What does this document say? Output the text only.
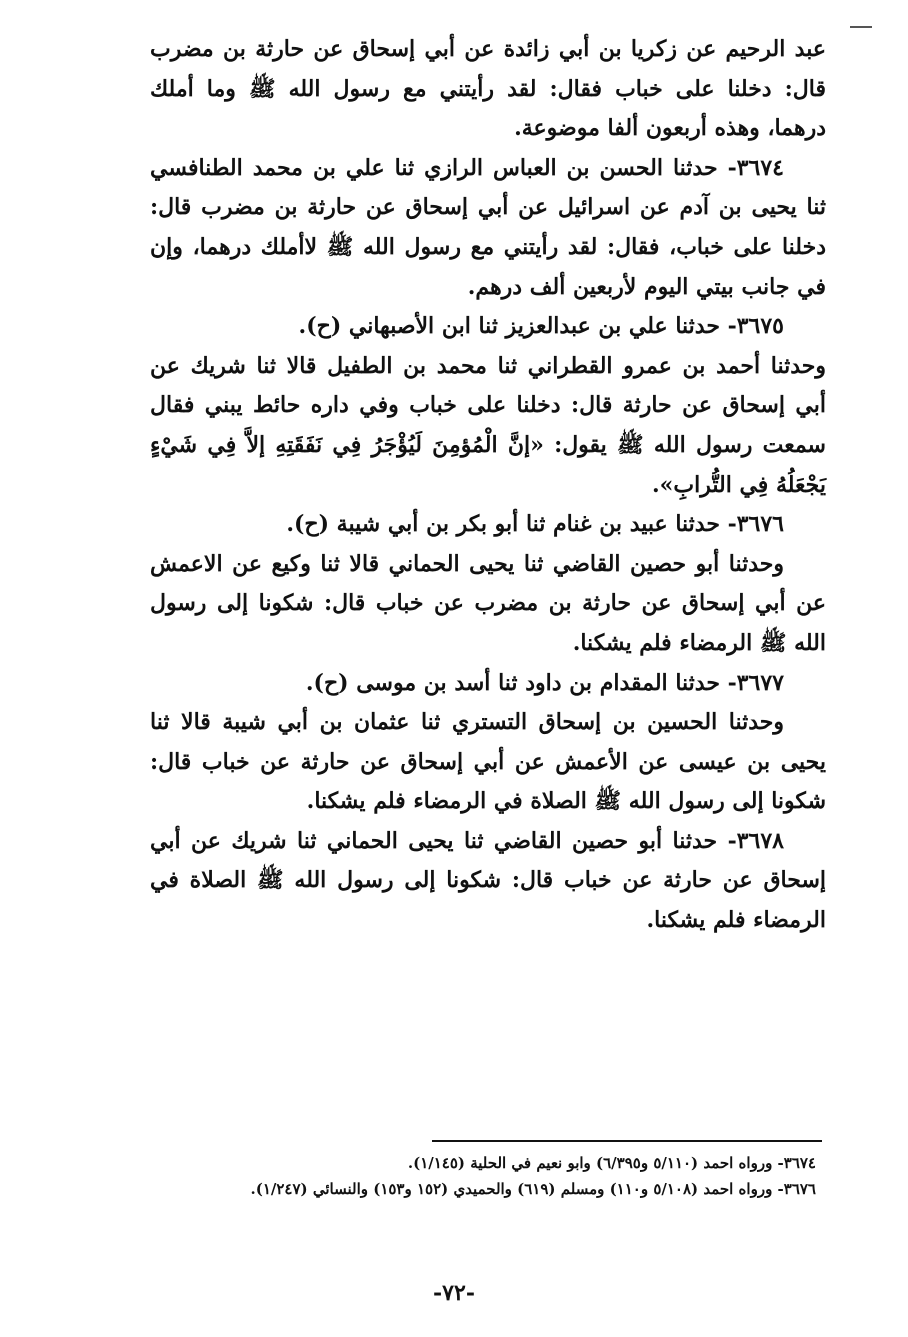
عبد الرحيم عن زكريا بن أبي زائدة عن أبي إسحاق عن حارثة بن مضرب قال: دخلنا على خباب فقال: لقد رأيتني مع رسول الله ﷺ وما أملك درهما، وهذه أربعون ألفا موضوعة.

٣٦٧٤- حدثنا الحسن بن العباس الرازي ثنا علي بن محمد الطنافسي ثنا يحيى بن آدم عن اسرائيل عن أبي إسحاق عن حارثة بن مضرب قال: دخلنا على خباب، فقال: لقد رأيتني مع رسول الله ﷺ لاأملك درهما، وإن في جانب بيتي اليوم لأربعين ألف درهم.

٣٦٧٥- حدثنا علي بن عبدالعزيز ثنا ابن الأصبهاني (ح).

وحدثنا أحمد بن عمرو القطراني ثنا محمد بن الطفيل قالا ثنا شريك عن أبي إسحاق عن حارثة قال: دخلنا على خباب وفي داره حائط يبني فقال سمعت رسول الله ﷺ يقول: «إنَّ الْمُؤمِنَ لَيُؤْجَرُ فِي نَفَقَتِهِ إلاَّ فِي شَيْءٍ يَجْعَلُهُ فِي التُّرابِ».

٣٦٧٦- حدثنا عبيد بن غنام ثنا أبو بكر بن أبي شيبة (ح).

وحدثنا أبو حصين القاضي ثنا يحيى الحماني قالا ثنا وكيع عن الاعمش عن أبي إسحاق عن حارثة بن مضرب عن خباب قال: شكونا إلى رسول الله ﷺ الرمضاء فلم يشكنا.

٣٦٧٧- حدثنا المقدام بن داود ثنا أسد بن موسى (ح).

وحدثنا الحسين بن إسحاق التستري ثنا عثمان بن أبي شيبة قالا ثنا يحيى بن عيسى عن الأعمش عن أبي إسحاق عن حارثة عن خباب قال: شكونا إلى رسول الله ﷺ الصلاة في الرمضاء فلم يشكنا.

٣٦٧٨- حدثنا أبو حصين القاضي ثنا يحيى الحماني ثنا شريك عن أبي إسحاق عن حارثة عن خباب قال: شكونا إلى رسول الله ﷺ الصلاة في الرمضاء فلم يشكنا.

٣٦٧٤- ورواه احمد (٥/١١٠ و٦/٣٩٥) وابو نعيم في الحلية (١/١٤٥).

٣٦٧٦- ورواه احمد (٥/١٠٨ و١١٠) ومسلم (٦١٩) والحميدي (١٥٢ و١٥٣) والنسائي (١/٢٤٧).

-٧٢-
